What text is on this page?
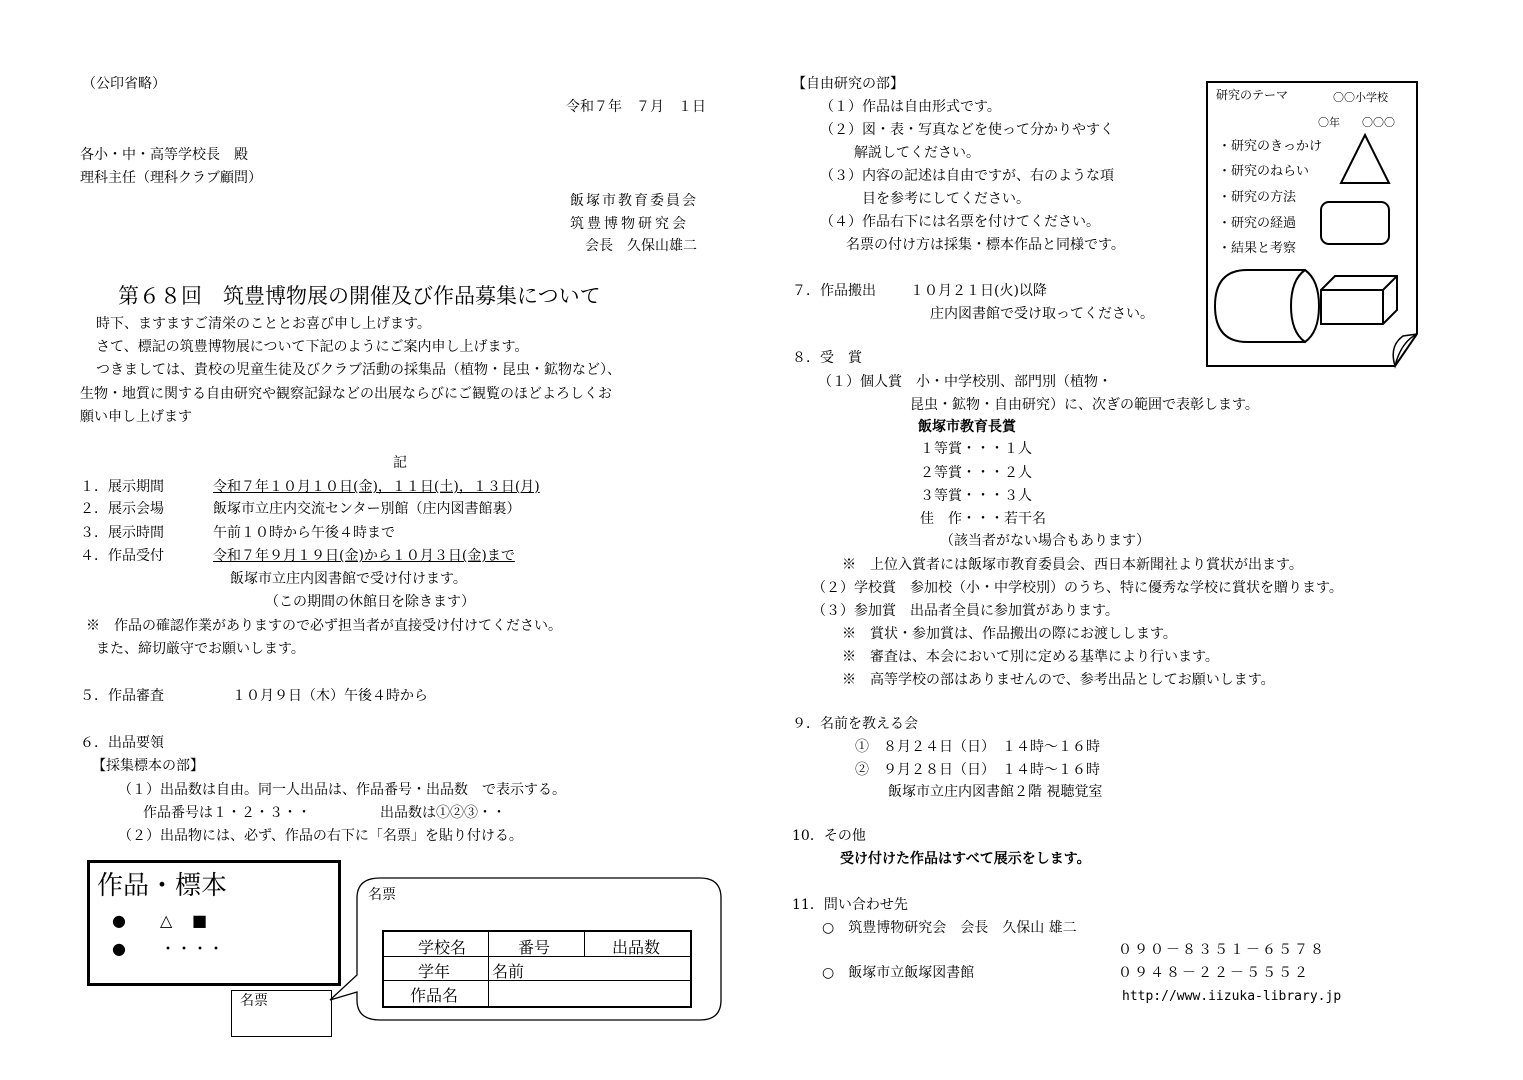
（公印省略）
令和７年　７月　１日
各小・中・高等学校長　殿
理科主任（理科クラブ顧問）
飯塚市教育委員会
筑豊博物研究会
会長　久保山雄二
第６８回　筑豊博物展の開催及び作品募集について
時下、ますますご清栄のこととお喜び申し上げます。
さて、標記の筑豊博物展について下記のようにご案内申し上げます。
つきましては、貴校の児童生徒及びクラブ活動の採集品（植物・昆虫・鉱物など）、
生物・地質に関する自由研究や観察記録などの出展ならびにご観覧のほどよろしくお
願い申し上げます
記
１．展示期間	令和７年１０月１０日(金)，１１日(土)，１３日(月)
２．展示会場	飯塚市立庄内交流センター別館（庄内図書館裏）
３．展示時間	午前１０時から午後４時まで
４．作品受付	令和７年９月１９日(金)から１０月３日(金)まで
飯塚市立庄内図書館で受け付けます。
（この期間の休館日を除きます）
※　作品の確認作業がありますので必ず担当者が直接受け付けてください。
また、締切厳守でお願いします。
５．作品審査	１０月９日（木）午後４時から
６．出品要領
【採集標本の部】
（１）出品数は自由。同一人出品は、作品番号・出品数　で表示する。
作品番号は１・２・３・・	出品数は①②③・・
（２）出品物には、必ず、作品の右下に「名票」を貼り付ける。
作品・標本
● △ ■
● ・・・・
名票
名票
学校名	番号	出品数
学年	名前
作品名
【自由研究の部】
（１）作品は自由形式です。
（２）図・表・写真などを使って分かりやすく
解説してください。
（３）内容の記述は自由ですが、右のような項
目を参考にしてください。
（４）作品右下には名票を付けてください。
名票の付け方は採集・標本作品と同様です。
研究のテーマ	〇〇小学校
〇年 〇〇〇
・研究のきっかけ
・研究のねらい
・研究の方法
・研究の経過
・結果と考察
７．作品搬出 １０月２１日(火)以降
庄内図書館で受け取ってください。
８．受　賞
（１）個人賞　小・中学校別、部門別（植物・
昆虫・鉱物・自由研究）に、次ぎの範囲で表彰します。
飯塚市教育長賞
１等賞・・・１人
２等賞・・・２人
３等賞・・・３人
佳　作・・・若干名
（該当者がない場合もあります）
※　上位入賞者には飯塚市教育委員会、西日本新聞社より賞状が出ます。
（２）学校賞　参加校（小・中学校別）のうち、特に優秀な学校に賞状を贈ります。
（３）参加賞　出品者全員に参加賞があります。
※　賞状・参加賞は、作品搬出の際にお渡しします。
※　審査は、本会において別に定める基準により行います。
※　高等学校の部はありませんので、参考出品としてお願いします。
９．名前を教える会
①　８月２４日（日）　１４時～１６時
②　９月２８日（日）　１４時～１６時
飯塚市立庄内図書館２階 視聴覚室
10．その他
受け付けた作品はすべて展示をします。
11．問い合わせ先
○　筑豊博物研究会　会長　久保山 雄二
０９０－８３５１－６５７８
○　飯塚市立飯塚図書館	０９４８－２２－５５５２
http://www.iizuka-library.jp
